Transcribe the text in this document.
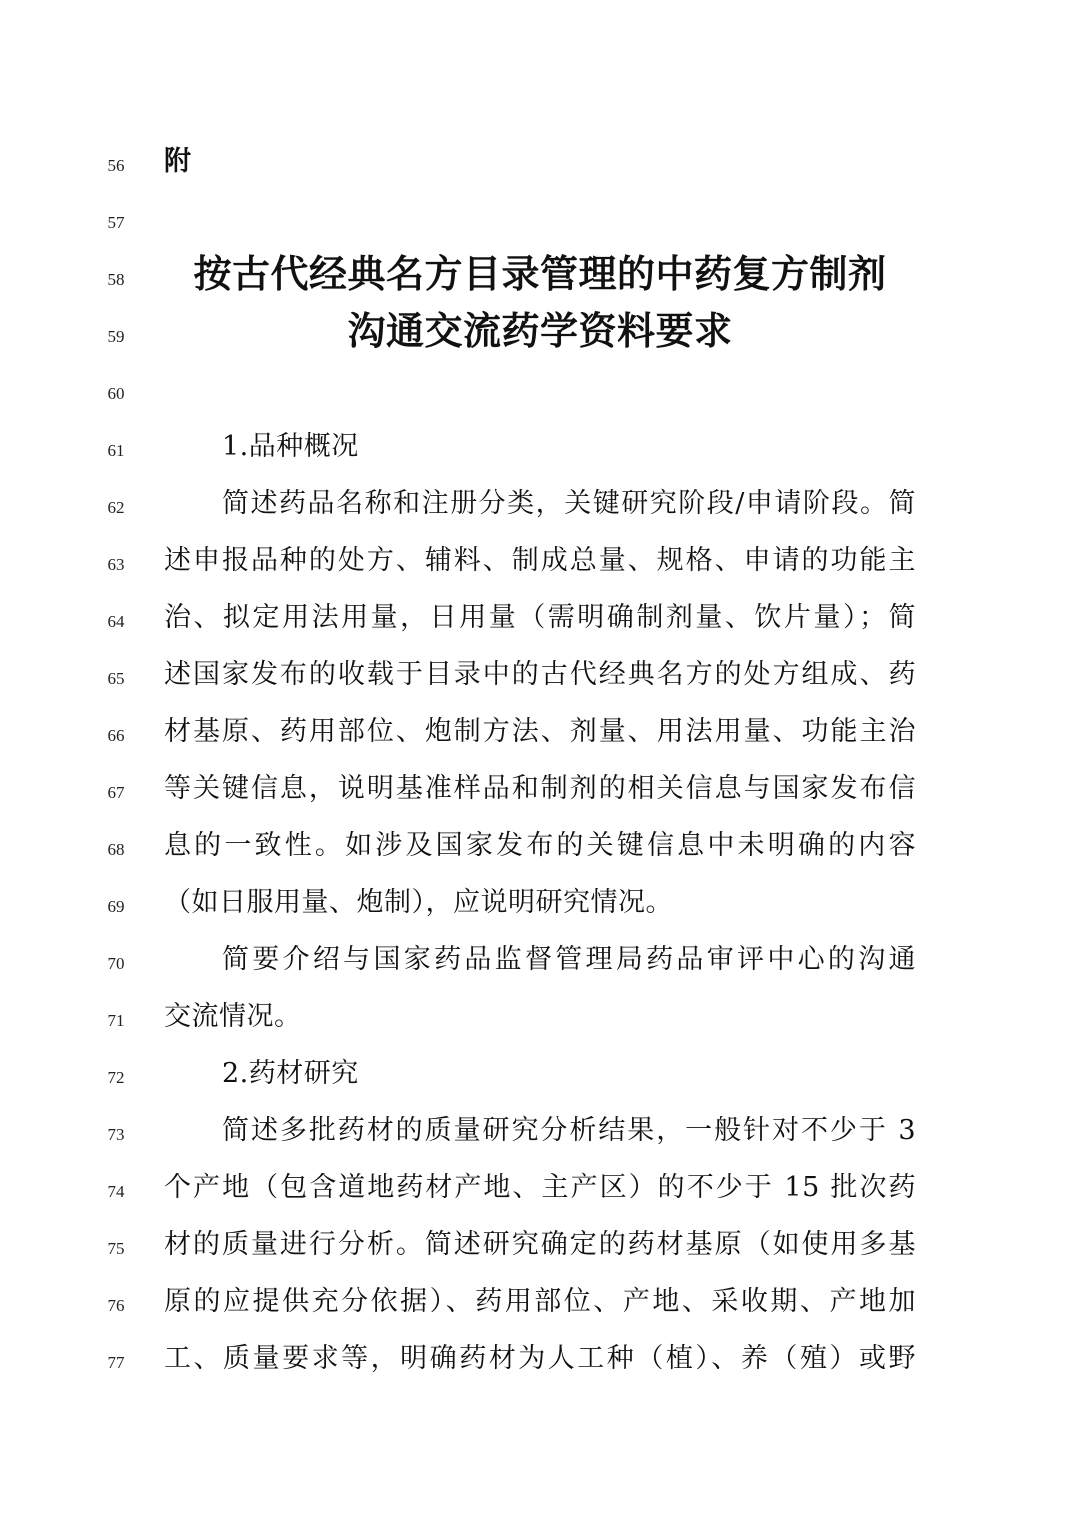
56	附
57
58	按古代经典名方目录管理的中药复方制剂
59	沟通交流药学资料要求
60
61	1.品种概况
62	简述药品名称和注册分类，关键研究阶段/申请阶段。简
63	述申报品种的处方、辅料、制成总量、规格、申请的功能主
64	治、拟定用法用量，日用量（需明确制剂量、饮片量）；简
65	述国家发布的收载于目录中的古代经典名方的处方组成、药
66	材基原、药用部位、炮制方法、剂量、用法用量、功能主治
67	等关键信息，说明基准样品和制剂的相关信息与国家发布信
68	息的一致性。如涉及国家发布的关键信息中未明确的内容
69	（如日服用量、炮制），应说明研究情况。
70	简要介绍与国家药品监督管理局药品审评中心的沟通
71	交流情况。
72	2.药材研究
73	简述多批药材的质量研究分析结果，一般针对不少于 3
74	个产地（包含道地药材产地、主产区）的不少于 15 批次药
75	材的质量进行分析。简述研究确定的药材基原（如使用多基
76	原的应提供充分依据）、药用部位、产地、采收期、产地加
77	工、质量要求等，明确药材为人工种（植）、养（殖）或野
